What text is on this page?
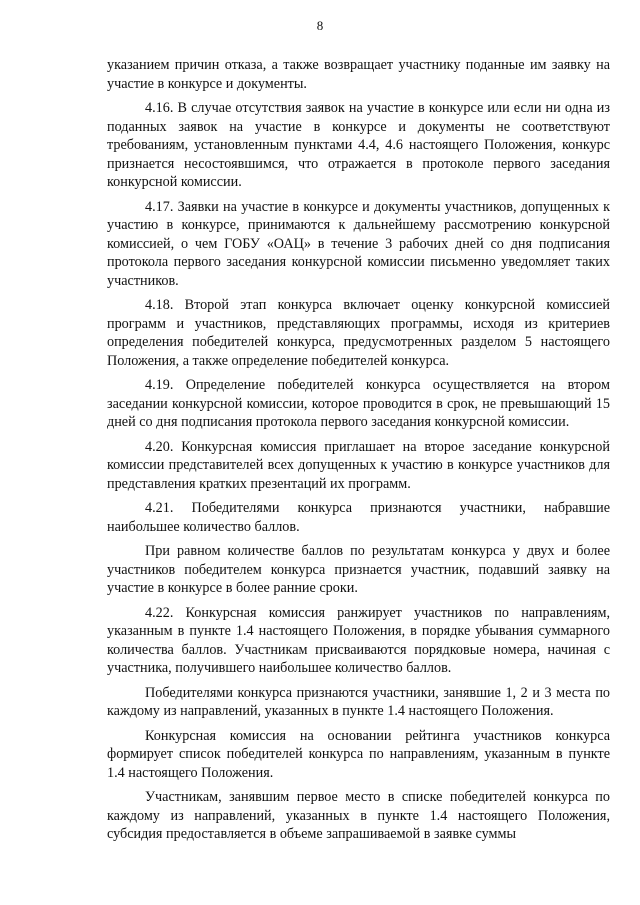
8

указанием причин отказа, а также возвращает участнику поданные им заявку на участие в конкурсе и документы.

4.16. В случае отсутствия заявок на участие в конкурсе или если ни одна из поданных заявок на участие в конкурсе и документы не соответствуют требованиям, установленным пунктами 4.4, 4.6 настоящего Положения, конкурс признается несостоявшимся, что отражается в протоколе первого заседания конкурсной комиссии.

4.17. Заявки на участие в конкурсе и документы участников, допущенных к участию в конкурсе, принимаются к дальнейшему рассмотрению конкурсной комиссией, о чем ГОБУ «ОАЦ» в течение 3 рабочих дней со дня подписания протокола первого заседания конкурсной комиссии письменно уведомляет таких участников.

4.18. Второй этап конкурса включает оценку конкурсной комиссией программ и участников, представляющих программы, исходя из критериев определения победителей конкурса, предусмотренных разделом 5 настоящего Положения, а также определение победителей конкурса.

4.19. Определение победителей конкурса осуществляется на втором заседании конкурсной комиссии, которое проводится в срок, не превышающий 15 дней со дня подписания протокола первого заседания конкурсной комиссии.

4.20. Конкурсная комиссия приглашает на второе заседание конкурсной комиссии представителей всех допущенных к участию в конкурсе участников для представления кратких презентаций их программ.

4.21. Победителями конкурса признаются участники, набравшие наибольшее количество баллов.

При равном количестве баллов по результатам конкурса у двух и более участников победителем конкурса признается участник, подавший заявку на участие в конкурсе в более ранние сроки.

4.22. Конкурсная комиссия ранжирует участников по направлениям, указанным в пункте 1.4 настоящего Положения, в порядке убывания суммарного количества баллов. Участникам присваиваются порядковые номера, начиная с участника, получившего наибольшее количество баллов.

Победителями конкурса признаются участники, занявшие 1, 2 и 3 места по каждому из направлений, указанных в пункте 1.4 настоящего Положения.

Конкурсная комиссия на основании рейтинга участников конкурса формирует список победителей конкурса по направлениям, указанным в пункте 1.4 настоящего Положения.

Участникам, занявшим первое место в списке победителей конкурса по каждому из направлений, указанных в пункте 1.4 настоящего Положения, субсидия предоставляется в объеме запрашиваемой в заявке суммы
